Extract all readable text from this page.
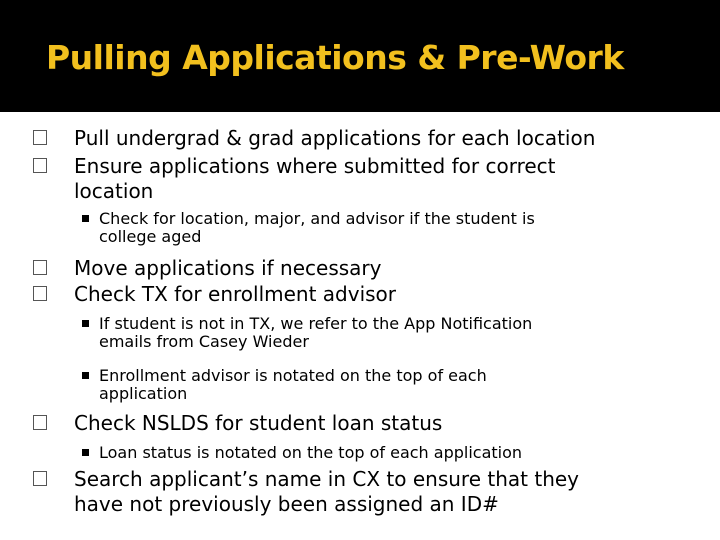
Pulling Applications & Pre-Work
Pull undergrad & grad applications for each location
Ensure applications where submitted for correct
location
Check for location, major, and advisor if the student is
college aged
Move applications if necessary
Check TX for enrollment advisor
If student is not in TX, we refer to the App Notification
emails from Casey Wieder
Enrollment advisor is notated on the top of each
application
Check NSLDS for student loan status
Loan status is notated on the top of each application
Search applicant’s name in CX to ensure that they
have not previously been assigned an ID#
